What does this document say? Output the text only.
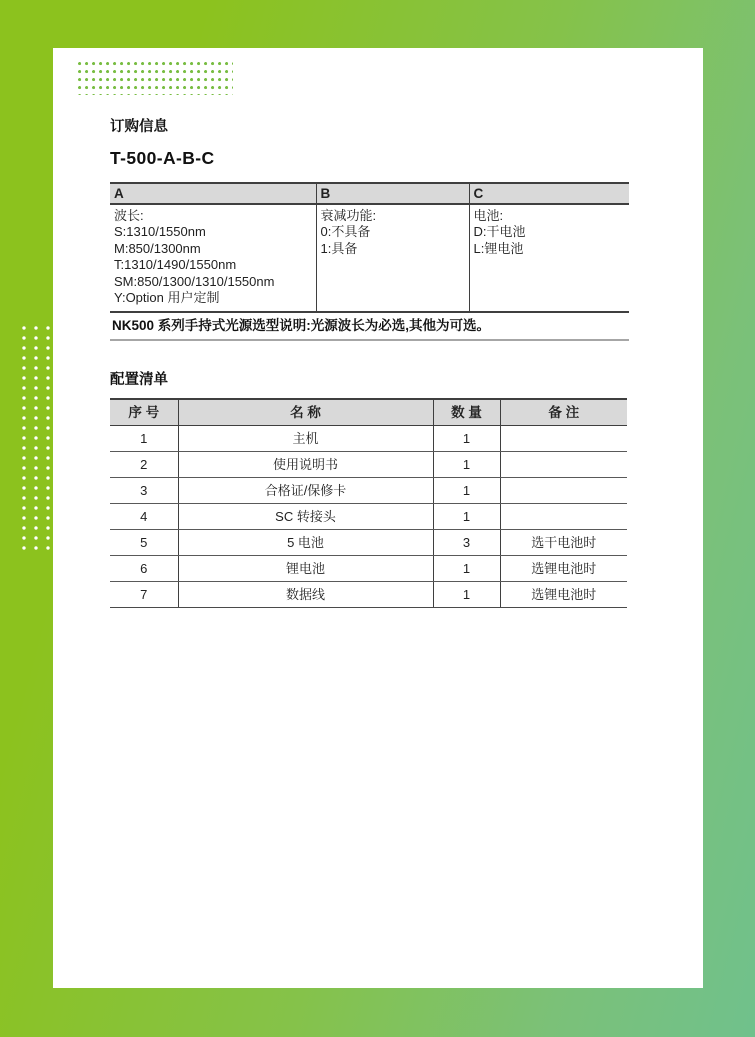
订购信息
T-500-A-B-C
A	B	C

波长:
S:1310/1550nm
M:850/1300nm
T:1310/1490/1550nm
SM:850/1300/1310/1550nm
Y:Option 用户定制

衰减功能:
0:不具备
1:具备

电池:
D:干电池
L:锂电池
NK500 系列手持式光源选型说明:光源波长为必选,其他为可选。
配置清单
序 号	名 称	数 量	备 注
1	主机	1	
2	使用说明书	1	
3	合格证/保修卡	1	
4	SC 转接头	1	
5	5 电池	3	选干电池时
6	锂电池	1	选锂电池时
7	数据线	1	选锂电池时
